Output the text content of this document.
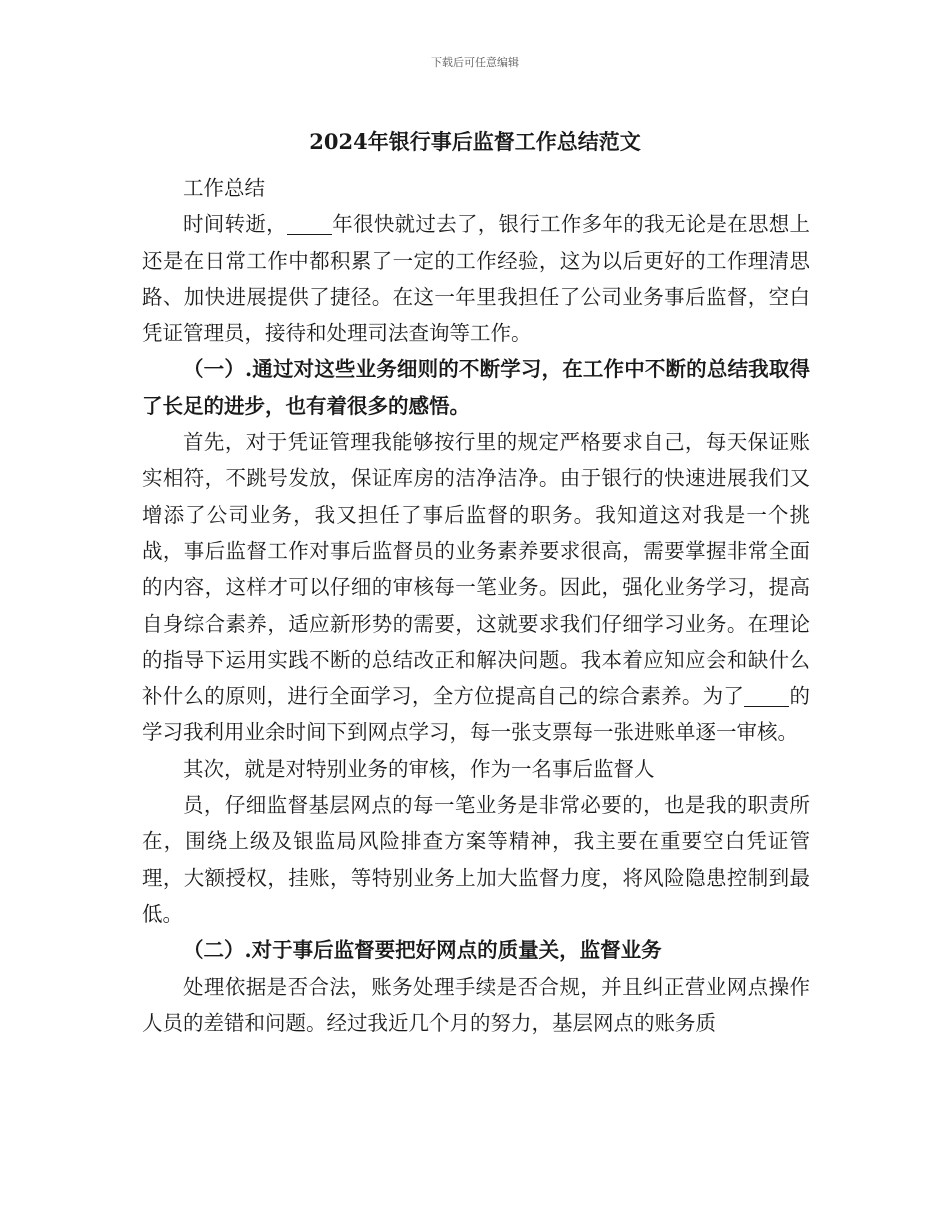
下载后可任意编辑
2024年银行事后监督工作总结范文

工作总结

时间转逝， 年很快就过去了，银行工作多年的我无论是在思想上还是在日常工作中都积累了一定的工作经验，这为以后更好的工作理清思路、加快进展提供了捷径。在这一年里我担任了公司业务事后监督，空白凭证管理员，接待和处理司法查询等工作。

（一）.通过对这些业务细则的不断学习，在工作中不断的总结我取得了长足的进步，也有着很多的感悟。

首先，对于凭证管理我能够按行里的规定严格要求自己，每天保证账实相符，不跳号发放，保证库房的洁净洁净。由于银行的快速进展我们又增添了公司业务，我又担任了事后监督的职务。我知道这对我是一个挑战，事后监督工作对事后监督员的业务素养要求很高，需要掌握非常全面的内容，这样才可以仔细的审核每一笔业务。因此，强化业务学习，提高自身综合素养，适应新形势的需要，这就要求我们仔细学习业务。在理论的指导下运用实践不断的总结改正和解决问题。我本着应知应会和缺什么补什么的原则，进行全面学习，全方位提高自己的综合素养。为了 的学习我利用业余时间下到网点学习，每一张支票每一张进账单逐一审核。

其次，就是对特别业务的审核，作为一名事后监督人

员，仔细监督基层网点的每一笔业务是非常必要的，也是我的职责所在，围绕上级及银监局风险排查方案等精神，我主要在重要空白凭证管理，大额授权，挂账，等特别业务上加大监督力度，将风险隐患控制到最低。

（二）.对于事后监督要把好网点的质量关，监督业务

处理依据是否合法，账务处理手续是否合规，并且纠正营业网点操作人员的差错和问题。经过我近几个月的努力，基层网点的账务质
